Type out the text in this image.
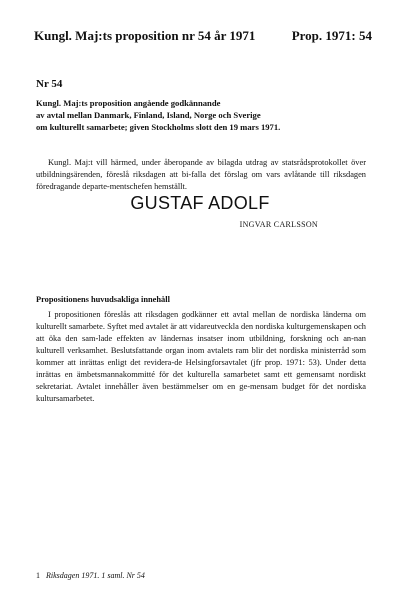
Kungl. Maj:ts proposition nr 54 år 1971	Prop. 1971: 54
Nr 54
Kungl. Maj:ts proposition angående godkännande
av avtal mellan Danmark, Finland, Island, Norge och Sverige
om kulturellt samarbete; given Stockholms slott den 19 mars 1971.

Kungl. Maj:t vill härmed, under åberopande av bilagda utdrag av statsrådsprotokollet över utbildningsärenden, föreslå riksdagen att bi-falla det förslag om vars avlåtande till riksdagen föredragande departe-mentschefen hemställt.

GUSTAF ADOLF
INGVAR CARLSSON
Propositionens huvudsakliga innehåll

I propositionen föreslås att riksdagen godkänner ett avtal mellan de nordiska länderna om kulturellt samarbete. Syftet med avtalet är att vidareutveckla den nordiska kulturgemenskapen och att öka den sam-lade effekten av ländernas insatser inom utbildning, forskning och an-nan kulturell verksamhet. Beslutsfattande organ inom avtalets ram blir det nordiska ministerråd som kommer att inrättas enligt det revidera-de Helsingforsavtalet (jfr prop. 1971: 53). Under detta inrättas en ämbetsmannakommitté för det kulturella samarbetet samt ett gemensamt nordiskt sekretariat. Avtalet innehåller även bestämmelser om en ge-mensam budget för det nordiska kultursamarbetet.

1 Riksdagen 1971. 1 saml. Nr 54
